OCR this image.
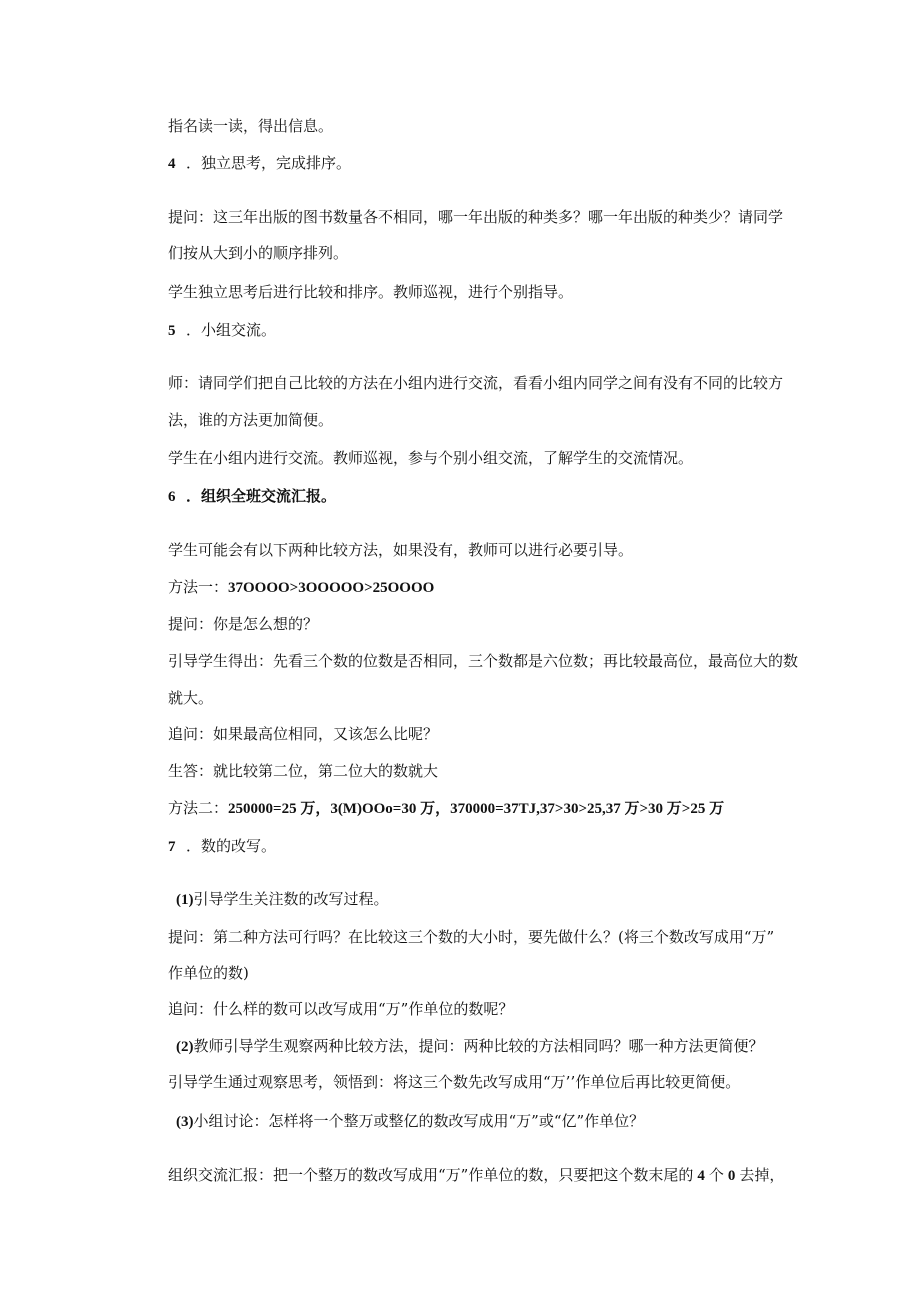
指名读一读，得出信息。
4 ．独立思考，完成排序。
提问：这三年出版的图书数量各不相同，哪一年出版的种类多？哪一年出版的种类少？请同学
们按从大到小的顺序排列。
学生独立思考后进行比较和排序。教师巡视，进行个别指导。
5 ．小组交流。
师：请同学们把自己比较的方法在小组内进行交流，看看小组内同学之间有没有不同的比较方
法，谁的方法更加简便。
学生在小组内进行交流。教师巡视，参与个别小组交流，了解学生的交流情况。
6 ．组织全班交流汇报。
学生可能会有以下两种比较方法，如果没有，教师可以进行必要引导。
方法一：37OOOO>3OOOOO>25OOOO
提问：你是怎么想的？
引导学生得出：先看三个数的位数是否相同，三个数都是六位数；再比较最高位，最高位大的数
就大。
追问：如果最高位相同，又该怎么比呢？
生答：就比较第二位，第二位大的数就大
方法二：250000=25 万，3(M)OOo=30 万，370000=37TJ,37>30>25,37 万>30 万>25 万
7 ．数的改写。
(1)引导学生关注数的改写过程。
提问：第二种方法可行吗？在比较这三个数的大小时，要先做什么？(将三个数改写成用“万”
作单位的数)
追问：什么样的数可以改写成用“万”作单位的数呢？
(2)教师引导学生观察两种比较方法，提问：两种比较的方法相同吗？哪一种方法更简便？
引导学生通过观察思考，领悟到：将这三个数先改写成用“万’’作单位后再比较更简便。
(3)小组讨论：怎样将一个整万或整亿的数改写成用“万”或“亿”作单位？
组织交流汇报：把一个整万的数改写成用“万”作单位的数，只要把这个数末尾的 4 个 0 去掉，
